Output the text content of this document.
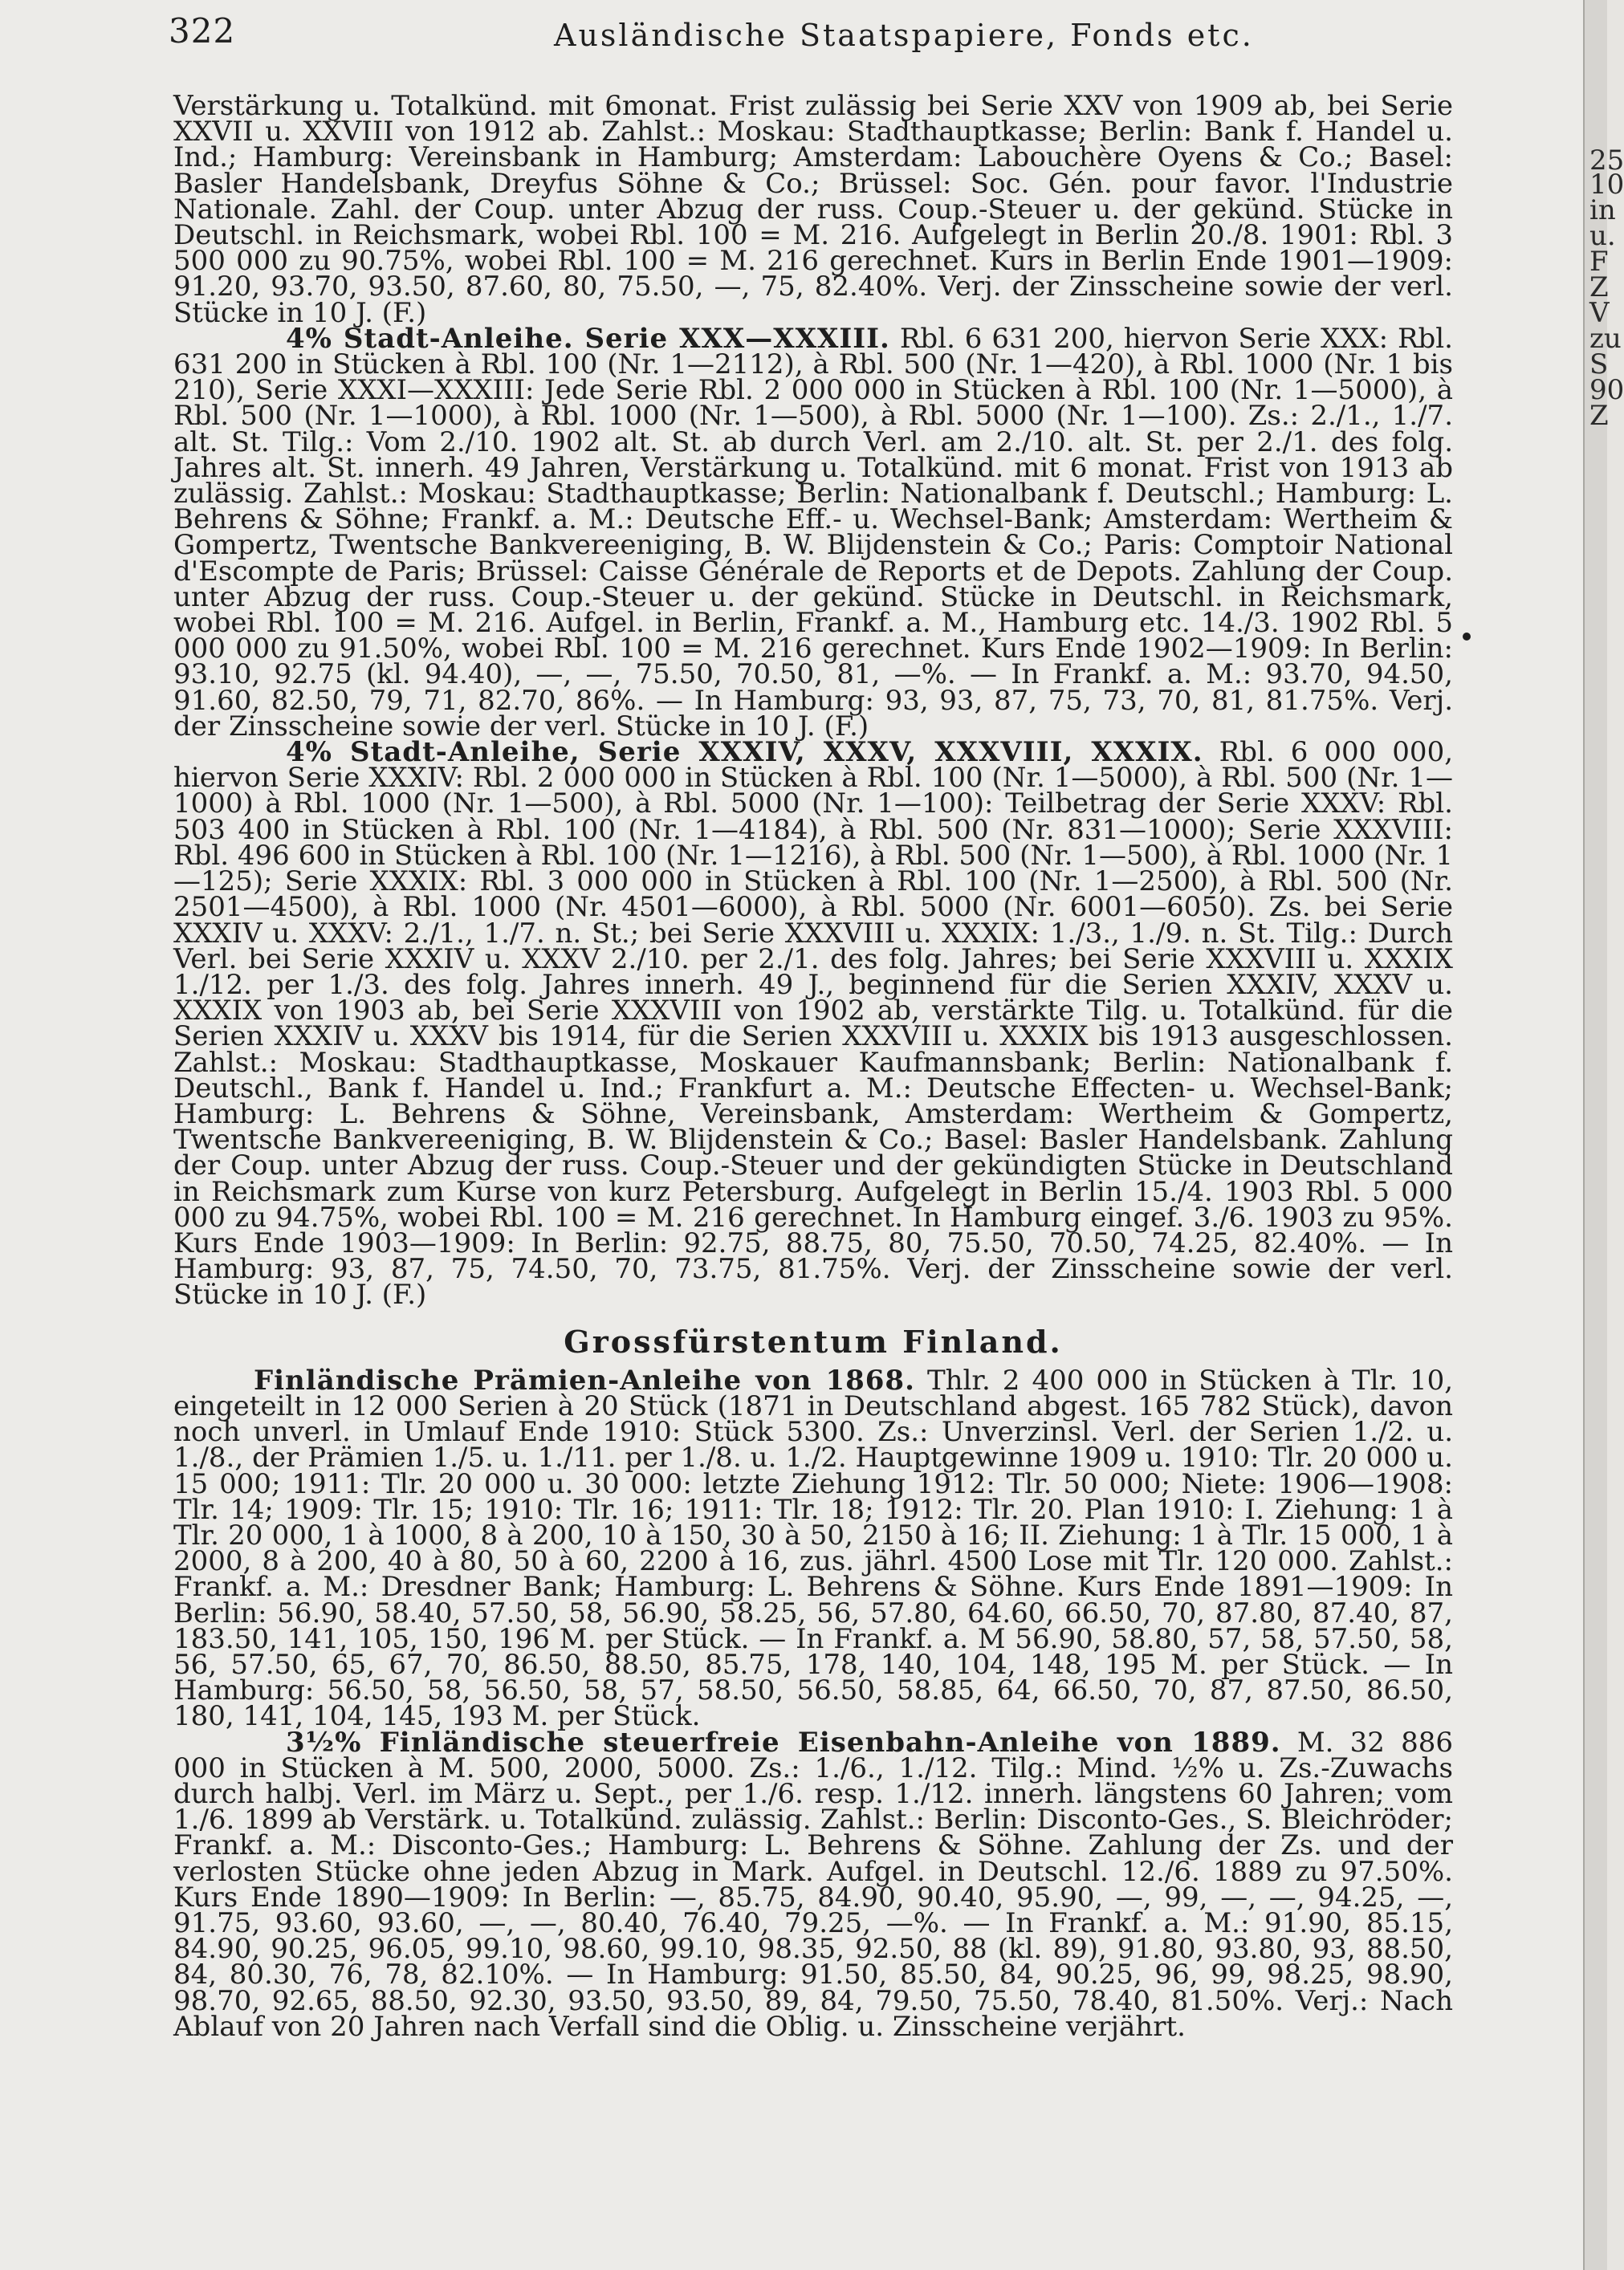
322	Ausländische Staatspapiere, Fonds etc.

Verstärkung u. Totalkünd. mit 6monat. Frist zulässig bei Serie XXV von 1909 ab, bei Serie XXVII u. XXVIII von 1912 ab. Zahlst.: Moskau: Stadthauptkasse; Berlin: Bank f. Handel u. Ind.; Hamburg: Vereinsbank in Hamburg; Amsterdam: Labouchère Oyens & Co.; Basel: Basler Handelsbank, Dreyfus Söhne & Co.; Brüssel: Soc. Gén. pour favor. l'Industrie Nationale. Zahl. der Coup. unter Abzug der russ. Coup.-Steuer u. der gekünd. Stücke in Deutschl. in Reichsmark, wobei Rbl. 100 = M. 216. Aufgelegt in Berlin 20./8. 1901: Rbl. 3 500 000 zu 90.75%, wobei Rbl. 100 = M. 216 gerechnet. Kurs in Berlin Ende 1901—1909: 91.20, 93.70, 93.50, 87.60, 80, 75.50, —, 75, 82.40%. Verj. der Zinsscheine sowie der verl. Stücke in 10 J. (F.)

4% Stadt-Anleihe. Serie XXX—XXXIII. Rbl. 6 631 200, hiervon Serie XXX: Rbl. 631 200 in Stücken à Rbl. 100 (Nr. 1—2112), à Rbl. 500 (Nr. 1—420), à Rbl. 1000 (Nr. 1 bis 210), Serie XXXI—XXXIII: Jede Serie Rbl. 2 000 000 in Stücken à Rbl. 100 (Nr. 1—5000), à Rbl. 500 (Nr. 1—1000), à Rbl. 1000 (Nr. 1—500), à Rbl. 5000 (Nr. 1—100). Zs.: 2./1., 1./7. alt. St. Tilg.: Vom 2./10. 1902 alt. St. ab durch Verl. am 2./10. alt. St. per 2./1. des folg. Jahres alt. St. innerh. 49 Jahren, Verstärkung u. Totalkünd. mit 6 monat. Frist von 1913 ab zulässig. Zahlst.: Moskau: Stadthauptkasse; Berlin: Nationalbank f. Deutschl.; Hamburg: L. Behrens & Söhne; Frankf. a. M.: Deutsche Eff.- u. Wechsel-Bank; Amsterdam: Wertheim & Gompertz, Twentsche Bankvereeniging, B. W. Blijdenstein & Co.; Paris: Comptoir National d'Escompte de Paris; Brüssel: Caisse Générale de Reports et de Depots. Zahlung der Coup. unter Abzug der russ. Coup.-Steuer u. der gekünd. Stücke in Deutschl. in Reichsmark, wobei Rbl. 100 = M. 216. Aufgel. in Berlin, Frankf. a. M., Hamburg etc. 14./3. 1902 Rbl. 5 000 000 zu 91.50%, wobei Rbl. 100 = M. 216 gerechnet. Kurs Ende 1902—1909: In Berlin: 93.10, 92.75 (kl. 94.40), —, —, 75.50, 70.50, 81, —%. — In Frankf. a. M.: 93.70, 94.50, 91.60, 82.50, 79, 71, 82.70, 86%. — In Hamburg: 93, 93, 87, 75, 73, 70, 81, 81.75%. Verj. der Zinsscheine sowie der verl. Stücke in 10 J. (F.)

4% Stadt-Anleihe, Serie XXXIV, XXXV, XXXVIII, XXXIX. Rbl. 6 000 000, hiervon Serie XXXIV: Rbl. 2 000 000 in Stücken à Rbl. 100 (Nr. 1—5000), à Rbl. 500 (Nr. 1—1000) à Rbl. 1000 (Nr. 1—500), à Rbl. 5000 (Nr. 1—100): Teilbetrag der Serie XXXV: Rbl. 503 400 in Stücken à Rbl. 100 (Nr. 1—4184), à Rbl. 500 (Nr. 831—1000); Serie XXXVIII: Rbl. 496 600 in Stücken à Rbl. 100 (Nr. 1—1216), à Rbl. 500 (Nr. 1—500), à Rbl. 1000 (Nr. 1—125); Serie XXXIX: Rbl. 3 000 000 in Stücken à Rbl. 100 (Nr. 1—2500), à Rbl. 500 (Nr. 2501—4500), à Rbl. 1000 (Nr. 4501—6000), à Rbl. 5000 (Nr. 6001—6050). Zs. bei Serie XXXIV u. XXXV: 2./1., 1./7. n. St.; bei Serie XXXVIII u. XXXIX: 1./3., 1./9. n. St. Tilg.: Durch Verl. bei Serie XXXIV u. XXXV 2./10. per 2./1. des folg. Jahres; bei Serie XXXVIII u. XXXIX 1./12. per 1./3. des folg. Jahres innerh. 49 J., beginnend für die Serien XXXIV, XXXV u. XXXIX von 1903 ab, bei Serie XXXVIII von 1902 ab, verstärkte Tilg. u. Totalkünd. für die Serien XXXIV u. XXXV bis 1914, für die Serien XXXVIII u. XXXIX bis 1913 ausgeschlossen. Zahlst.: Moskau: Stadthauptkasse, Moskauer Kaufmannsbank; Berlin: Nationalbank f. Deutschl., Bank f. Handel u. Ind.; Frankfurt a. M.: Deutsche Effecten- u. Wechsel-Bank; Hamburg: L. Behrens & Söhne, Vereinsbank, Amsterdam: Wertheim & Gompertz, Twentsche Bankvereeniging, B. W. Blijdenstein & Co.; Basel: Basler Handelsbank. Zahlung der Coup. unter Abzug der russ. Coup.-Steuer und der gekündigten Stücke in Deutschland in Reichsmark zum Kurse von kurz Petersburg. Aufgelegt in Berlin 15./4. 1903 Rbl. 5 000 000 zu 94.75%, wobei Rbl. 100 = M. 216 gerechnet. In Hamburg eingef. 3./6. 1903 zu 95%. Kurs Ende 1903—1909: In Berlin: 92.75, 88.75, 80, 75.50, 70.50, 74.25, 82.40%. — In Hamburg: 93, 87, 75, 74.50, 70, 73.75, 81.75%. Verj. der Zinsscheine sowie der verl. Stücke in 10 J. (F.)

Grossfürstentum Finland.

Finländische Prämien-Anleihe von 1868. Thlr. 2 400 000 in Stücken à Tlr. 10, eingeteilt in 12 000 Serien à 20 Stück (1871 in Deutschland abgest. 165 782 Stück), davon noch unverl. in Umlauf Ende 1910: Stück 5300. Zs.: Unverzinsl. Verl. der Serien 1./2. u. 1./8., der Prämien 1./5. u. 1./11. per 1./8. u. 1./2. Hauptgewinne 1909 u. 1910: Tlr. 20 000 u. 15 000; 1911: Tlr. 20 000 u. 30 000: letzte Ziehung 1912: Tlr. 50 000; Niete: 1906—1908: Tlr. 14; 1909: Tlr. 15; 1910: Tlr. 16; 1911: Tlr. 18; 1912: Tlr. 20. Plan 1910: I. Ziehung: 1 à Tlr. 20 000, 1 à 1000, 8 à 200, 10 à 150, 30 à 50, 2150 à 16; II. Ziehung: 1 à Tlr. 15 000, 1 à 2000, 8 à 200, 40 à 80, 50 à 60, 2200 à 16, zus. jährl. 4500 Lose mit Tlr. 120 000. Zahlst.: Frankf. a. M.: Dresdner Bank; Hamburg: L. Behrens & Söhne. Kurs Ende 1891—1909: In Berlin: 56.90, 58.40, 57.50, 58, 56.90, 58.25, 56, 57.80, 64.60, 66.50, 70, 87.80, 87.40, 87, 183.50, 141, 105, 150, 196 M. per Stück. — In Frankf. a. M 56.90, 58.80, 57, 58, 57.50, 58, 56, 57.50, 65, 67, 70, 86.50, 88.50, 85.75, 178, 140, 104, 148, 195 M. per Stück. — In Hamburg: 56.50, 58, 56.50, 58, 57, 58.50, 56.50, 58.85, 64, 66.50, 70, 87, 87.50, 86.50, 180, 141, 104, 145, 193 M. per Stück.

3½% Finländische steuerfreie Eisenbahn-Anleihe von 1889. M. 32 886 000 in Stücken à M. 500, 2000, 5000. Zs.: 1./6., 1./12. Tilg.: Mind. ½% u. Zs.-Zuwachs durch halbj. Verl. im März u. Sept., per 1./6. resp. 1./12. innerh. längstens 60 Jahren; vom 1./6. 1899 ab Verstärk. u. Totalkünd. zulässig. Zahlst.: Berlin: Disconto-Ges., S. Bleichröder; Frankf. a. M.: Disconto-Ges.; Hamburg: L. Behrens & Söhne. Zahlung der Zs. und der verlosten Stücke ohne jeden Abzug in Mark. Aufgel. in Deutschl. 12./6. 1889 zu 97.50%. Kurs Ende 1890—1909: In Berlin: —, 85.75, 84.90, 90.40, 95.90, —, 99, —, —, 94.25, —, 91.75, 93.60, 93.60, —, —, 80.40, 76.40, 79.25, —%. — In Frankf. a. M.: 91.90, 85.15, 84.90, 90.25, 96.05, 99.10, 98.60, 99.10, 98.35, 92.50, 88 (kl. 89), 91.80, 93.80, 93, 88.50, 84, 80.30, 76, 78, 82.10%. — In Hamburg: 91.50, 85.50, 84, 90.25, 96, 99, 98.25, 98.90, 98.70, 92.65, 88.50, 92.30, 93.50, 93.50, 89, 84, 79.50, 75.50, 78.40, 81.50%. Verj.: Nach Ablauf von 20 Jahren nach Verfall sind die Oblig. u. Zinsscheine verjährt.

25
10
in
u.
F
Z
V
zu
S
90
Z
